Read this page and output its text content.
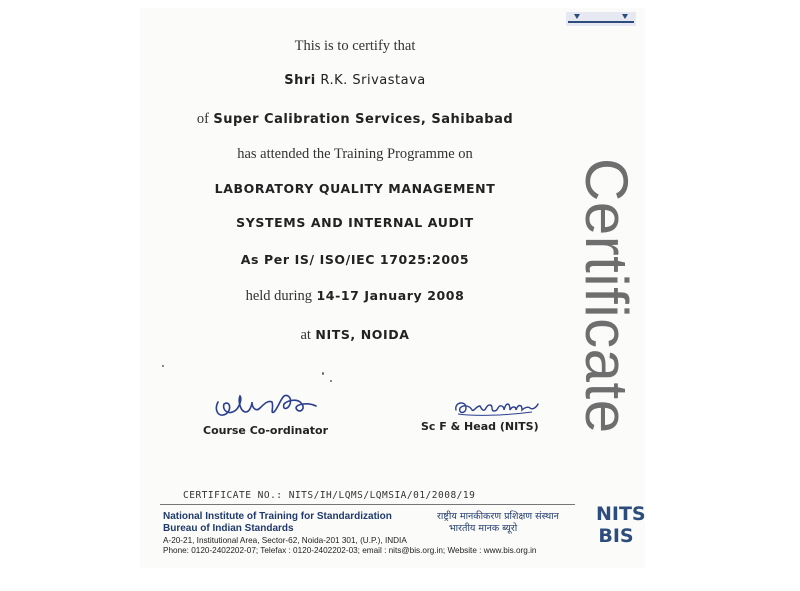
This is to certify that
Shri R.K. Srivastava
of Super Calibration Services, Sahibabad
has attended the Training Programme on
LABORATORY QUALITY MANAGEMENT
SYSTEMS AND INTERNAL AUDIT
As Per IS/ ISO/IEC 17025:2005
held during 14-17 January 2008
at NITS, NOIDA	Certificate
Course Co-ordinator	Sc F & Head (NITS)
CERTIFICATE NO.: NITS/IH/LQMS/LQMSIA/01/2008/19
National Institute of Training for Standardization
Bureau of Indian Standards
राष्ट्रीय मानकीकरण प्रशिक्षण संस्थान
भारतीय मानक ब्यूरो
A-20-21, Institutional Area, Sector-62, Noida-201 301, (U.P.), INDIA
Phone: 0120-2402202-07; Telefax : 0120-2402202-03; email : nits@bis.org.in; Website : www.bis.org.in
NITS
BIS
